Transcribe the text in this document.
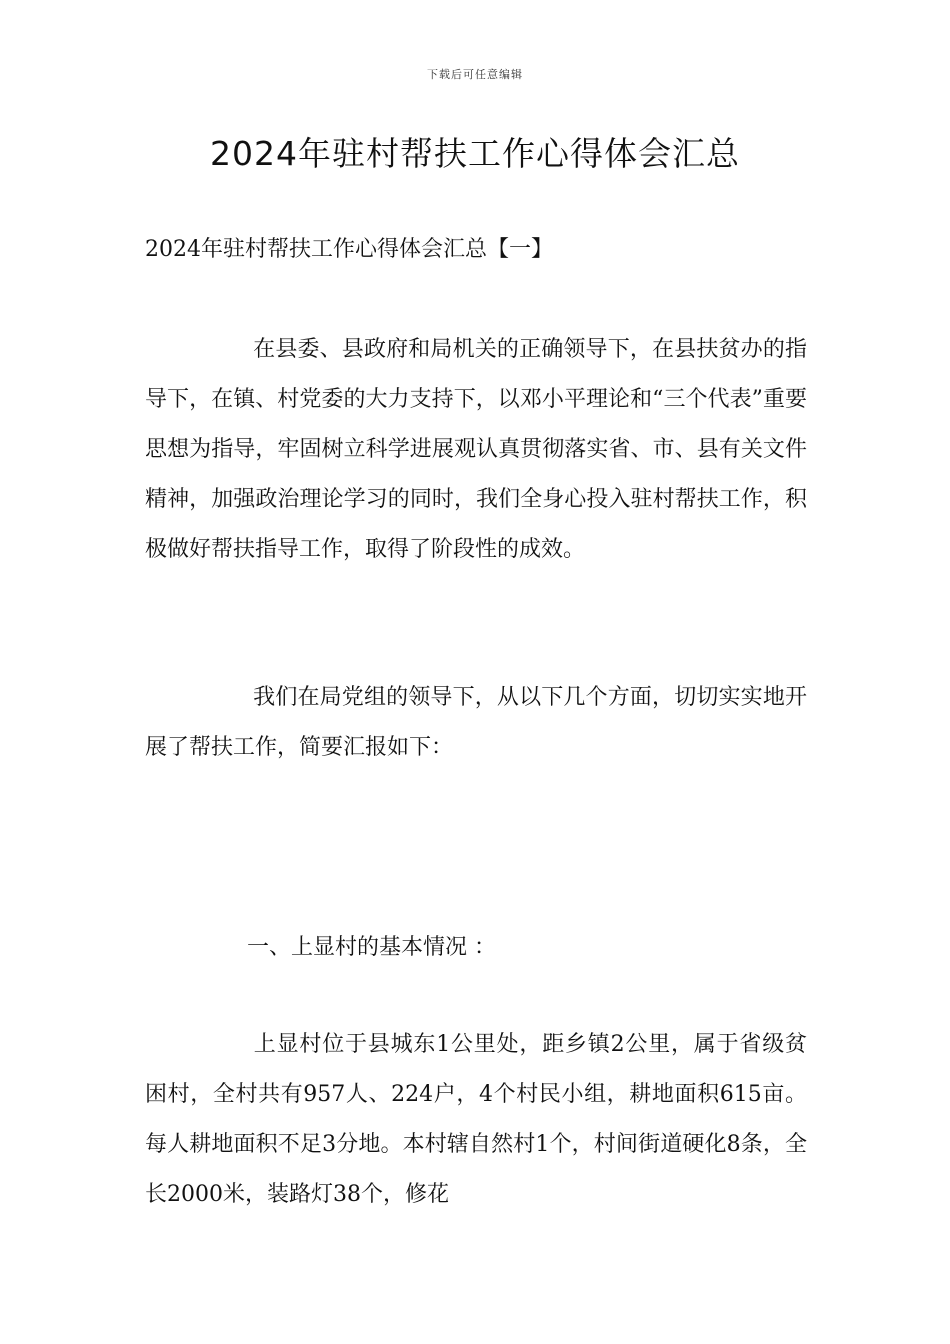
下载后可任意编辑
2024年驻村帮扶工作心得体会汇总
2024年驻村帮扶工作心得体会汇总【一】

在县委、县政府和局机关的正确领导下，在县扶贫办的指导下，在镇、村党委的大力支持下，以邓小平理论和“三个代表”重要思想为指导，牢固树立科学进展观认真贯彻落实省、市、县有关文件精神，加强政治理论学习的同时，我们全身心投入驻村帮扶工作，积极做好帮扶指导工作，取得了阶段性的成效。

我们在局党组的领导下，从以下几个方面，切切实实地开展了帮扶工作，简要汇报如下：

一、上显村的基本情况 ：

上显村位于县城东1公里处，距乡镇2公里，属于省级贫困村，全村共有957人、224户，4个村民小组，耕地面积615亩。每人耕地面积不足3分地。本村辖自然村1个，村间街道硬化8条，全长2000米，装路灯38个，修花
